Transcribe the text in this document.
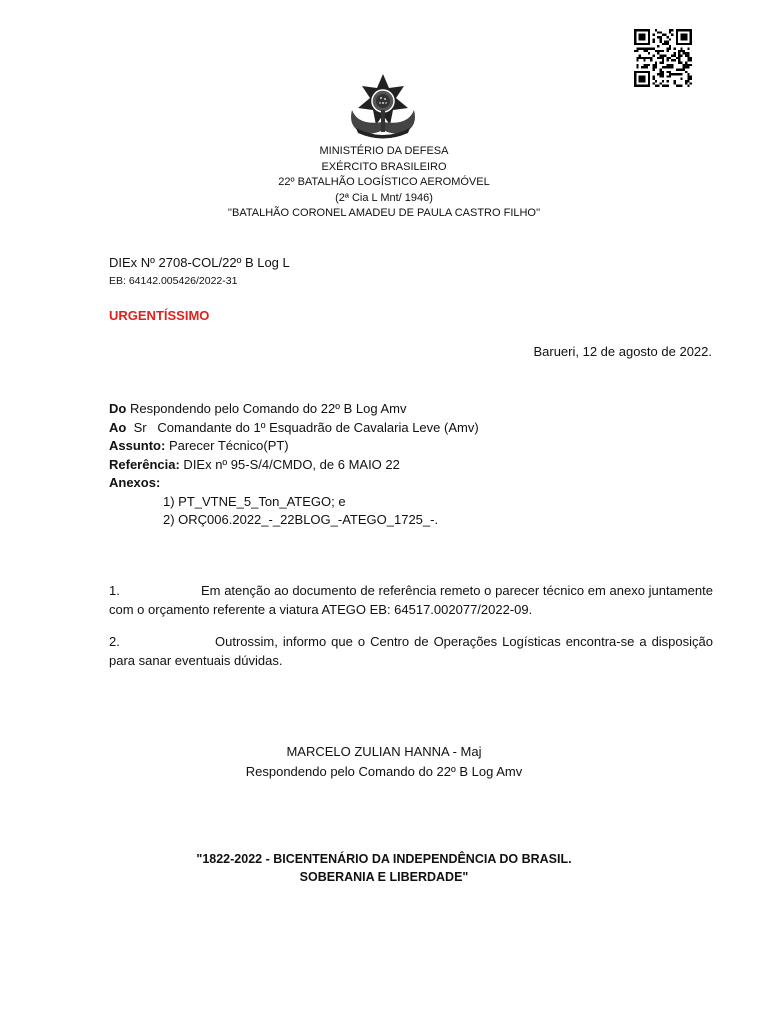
MINISTÉRIO DA DEFESA
EXÉRCITO BRASILEIRO
22º BATALHÃO LOGÍSTICO AEROMÓVEL
(2ª Cia L Mnt/ 1946)
''BATALHÃO CORONEL AMADEU DE PAULA CASTRO FILHO''
DIEx Nº 2708-COL/22º B Log L
EB: 64142.005426/2022-31
URGENTÍSSIMO
Barueri, 12 de agosto de 2022.
Do Respondendo pelo Comando do 22º B Log Amv
Ao  Sr   Comandante do 1º Esquadrão de Cavalaria Leve (Amv)
Assunto: Parecer Técnico(PT)
Referência: DIEx nº 95-S/4/CMDO, de 6 MAIO 22
Anexos:
1) PT_VTNE_5_Ton_ATEGO; e
2) ORÇ006.2022_-_22BLOG_-ATEGO_1725_-.
1.	Em atenção ao documento de referência remeto o parecer técnico em anexo juntamente com o orçamento referente a viatura ATEGO EB: 64517.002077/2022-09.
2.	Outrossim, informo que o Centro de Operações Logísticas encontra-se a disposição para sanar eventuais dúvidas.
MARCELO ZULIAN HANNA - Maj
Respondendo pelo Comando do 22º B Log Amv
"1822-2022 - BICENTENÁRIO DA INDEPENDÊNCIA DO BRASIL.
SOBERANIA E LIBERDADE"
